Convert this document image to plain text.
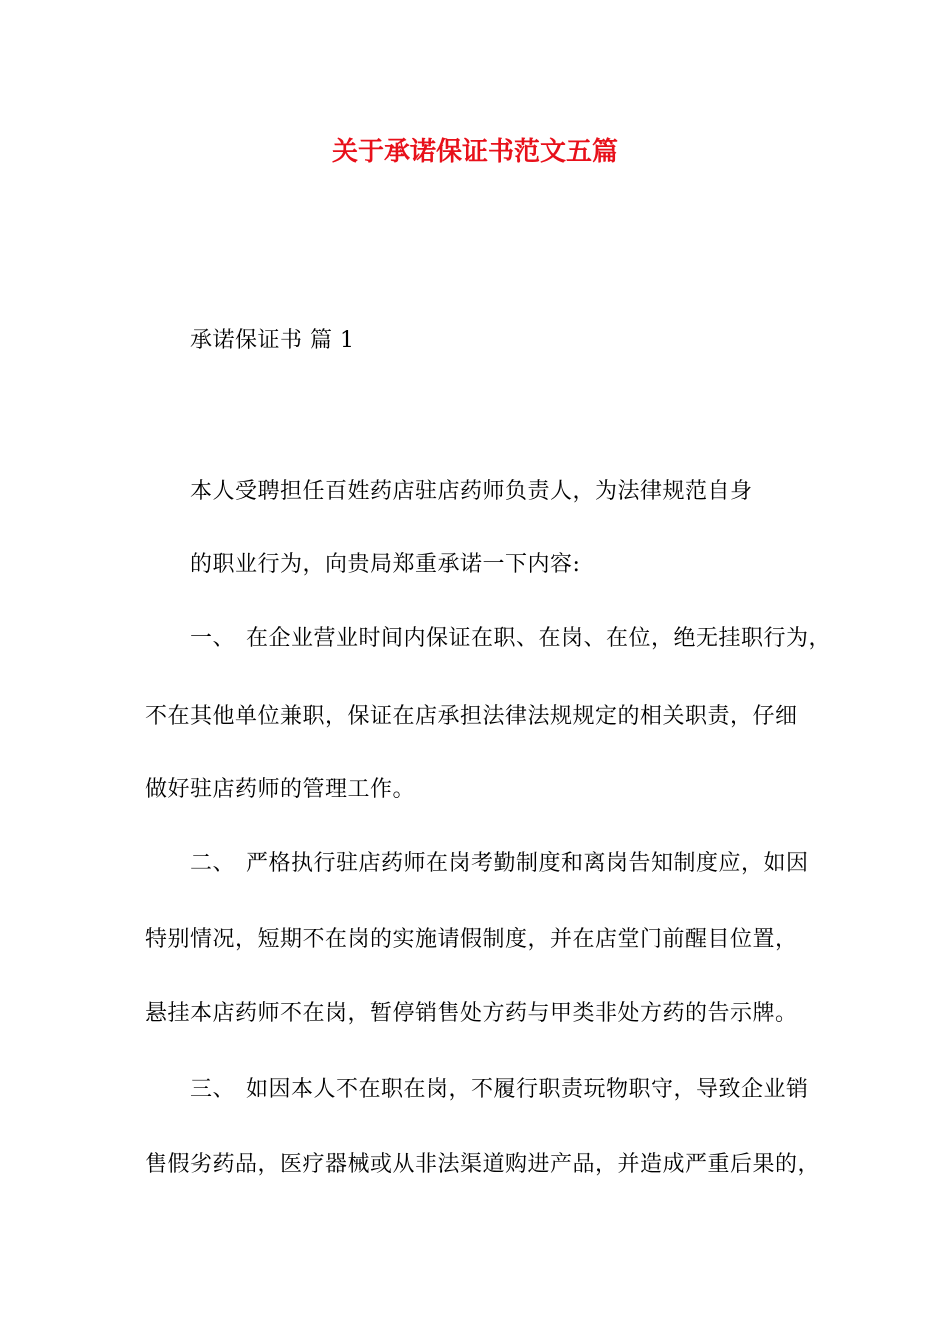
关于承诺保证书范文五篇
承诺保证书 篇 1
本人受聘担任百姓药店驻店药师负责人，为法律规范自身
的职业行为，向贵局郑重承诺一下内容:
一、 在企业营业时间内保证在职、在岗、在位，绝无挂职行为，
不在其他单位兼职，保证在店承担法律法规规定的相关职责，仔细
做好驻店药师的管理工作。
二、 严格执行驻店药师在岗考勤制度和离岗告知制度应，如因
特别情况，短期不在岗的实施请假制度，并在店堂门前醒目位置，
悬挂本店药师不在岗，暂停销售处方药与甲类非处方药的告示牌。
三、 如因本人不在职在岗，不履行职责玩物职守，导致企业销
售假劣药品，医疗器械或从非法渠道购进产品，并造成严重后果的，
